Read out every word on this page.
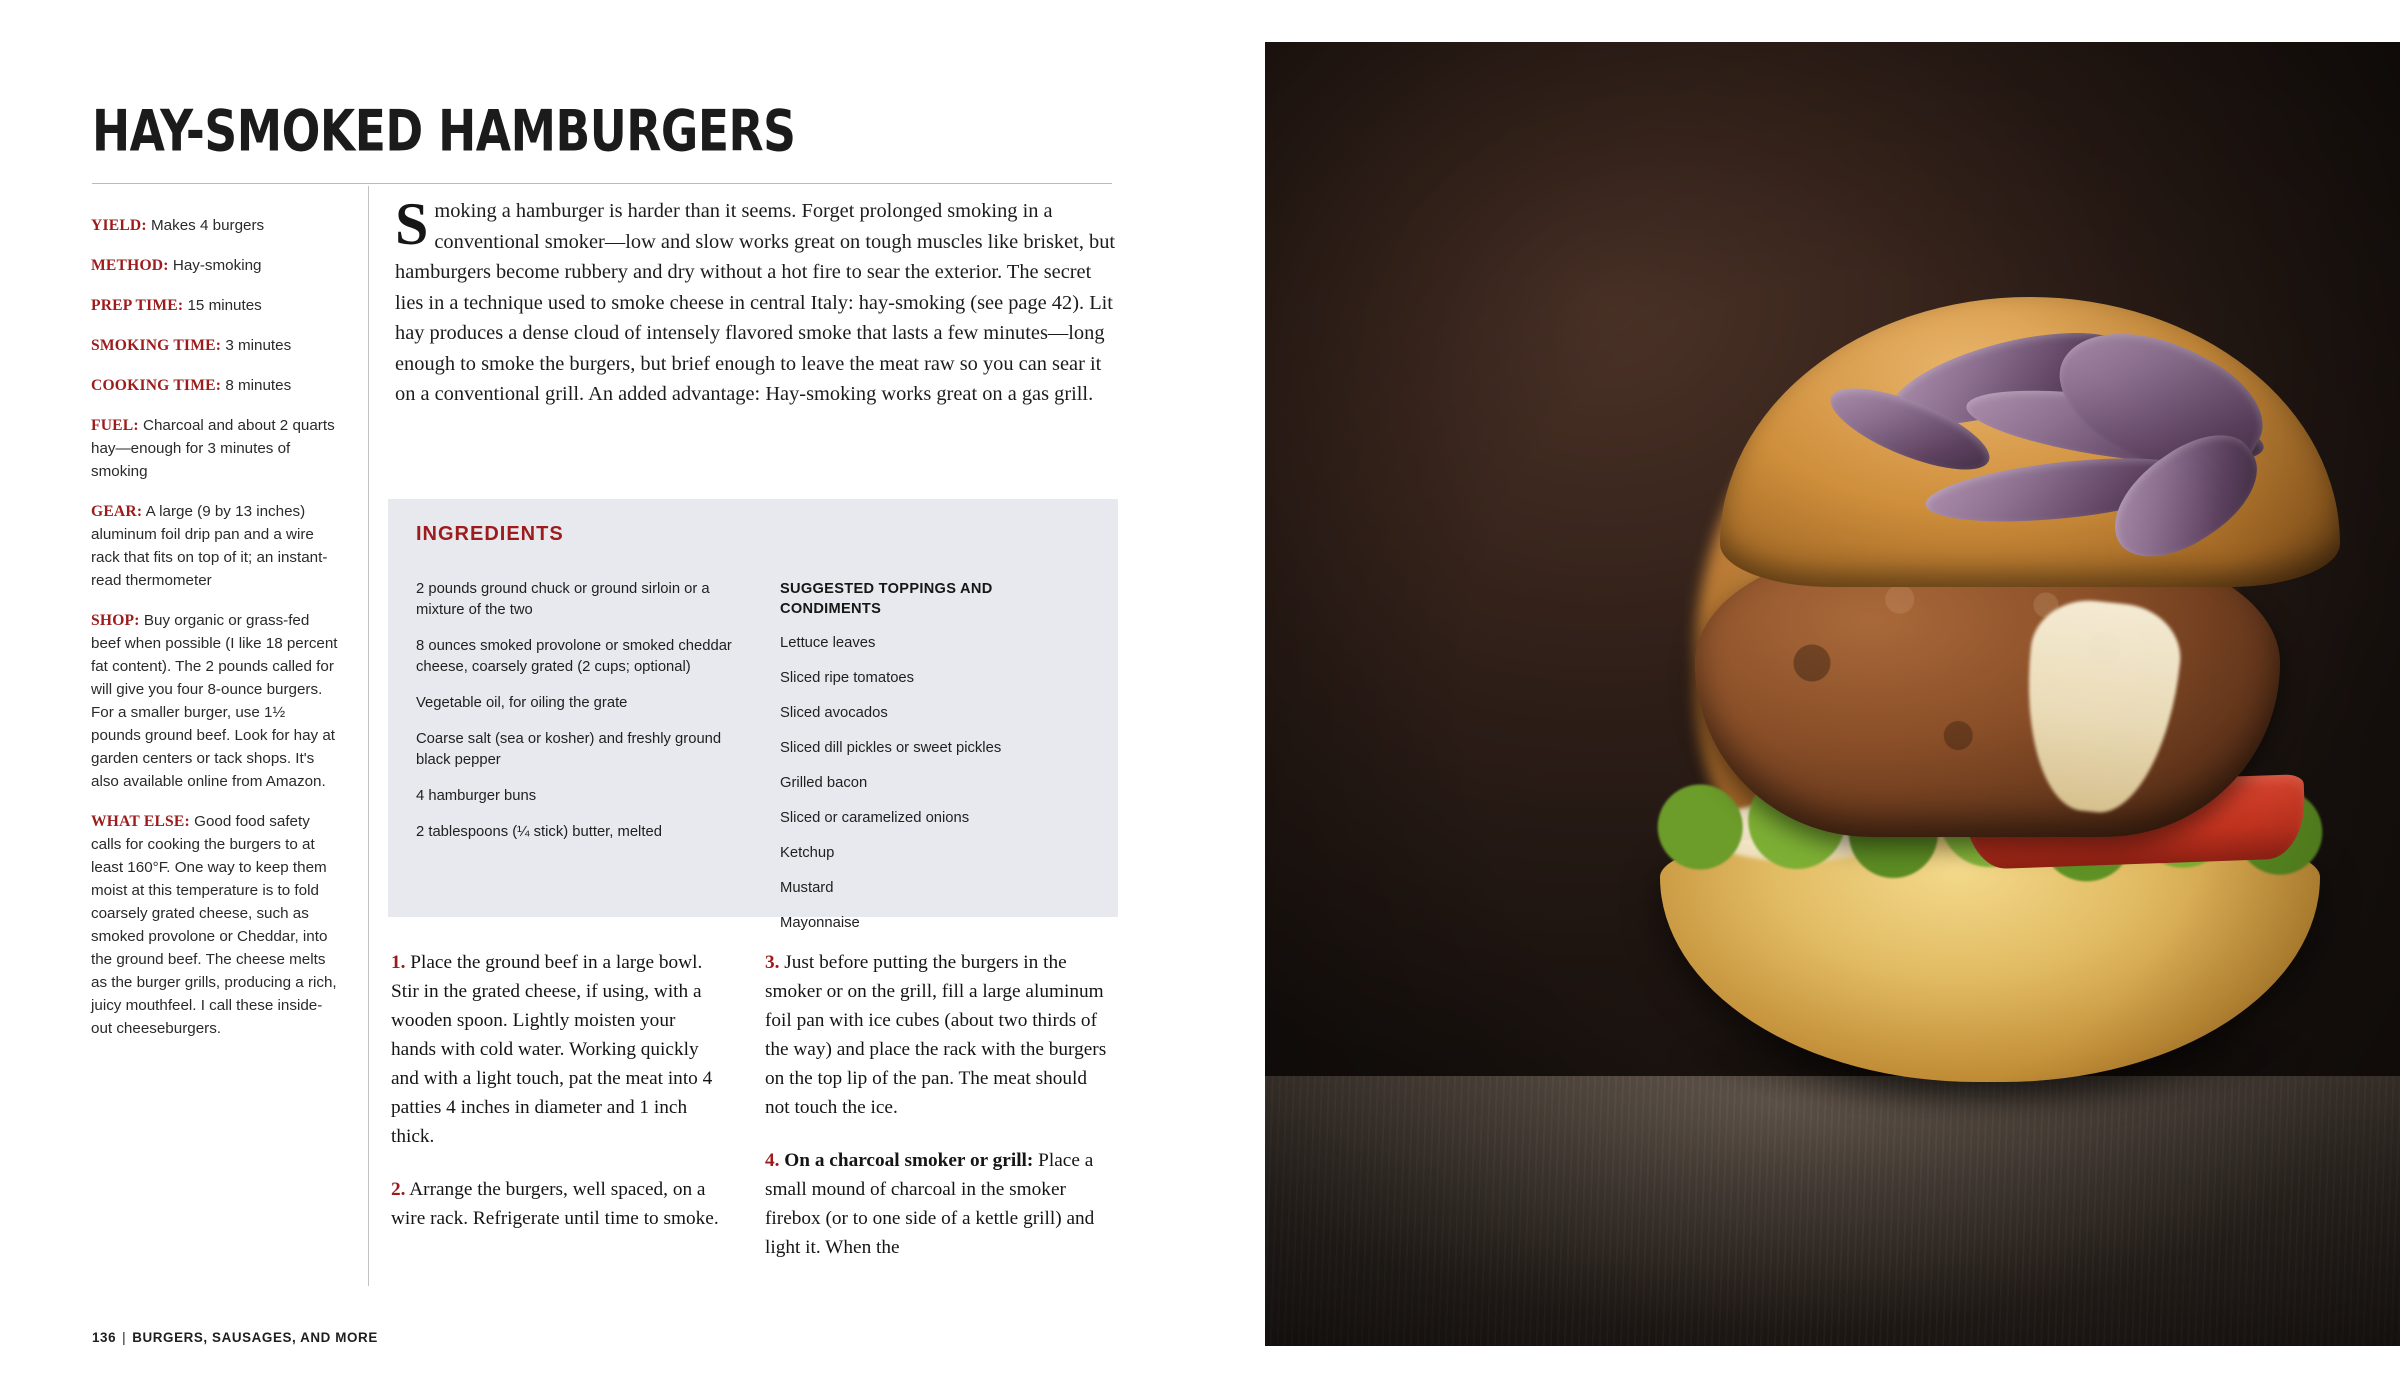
HAY-SMOKED HAMBURGERS
YIELD: Makes 4 burgers
METHOD: Hay-smoking
PREP TIME: 15 minutes
SMOKING TIME: 3 minutes
COOKING TIME: 8 minutes
FUEL: Charcoal and about 2 quarts hay—enough for 3 minutes of smoking
GEAR: A large (9 by 13 inches) aluminum foil drip pan and a wire rack that fits on top of it; an instant-read thermometer
SHOP: Buy organic or grass-fed beef when possible (I like 18 percent fat content). The 2 pounds called for will give you four 8-ounce burgers. For a smaller burger, use 1½ pounds ground beef. Look for hay at garden centers or tack shops. It's also available online from Amazon.
WHAT ELSE: Good food safety calls for cooking the burgers to at least 160°F. One way to keep them moist at this temperature is to fold coarsely grated cheese, such as smoked provolone or Cheddar, into the ground beef. The cheese melts as the burger grills, producing a rich, juicy mouthfeel. I call these inside-out cheeseburgers.
Smoking a hamburger is harder than it seems. Forget prolonged smoking in a conventional smoker—low and slow works great on tough muscles like brisket, but hamburgers become rubbery and dry without a hot fire to sear the exterior. The secret lies in a technique used to smoke cheese in central Italy: hay-smoking (see page 42). Lit hay produces a dense cloud of intensely flavored smoke that lasts a few minutes—long enough to smoke the burgers, but brief enough to leave the meat raw so you can sear it on a conventional grill. An added advantage: Hay-smoking works great on a gas grill.
INGREDIENTS
2 pounds ground chuck or ground sirloin or a mixture of the two
8 ounces smoked provolone or smoked cheddar cheese, coarsely grated (2 cups; optional)
Vegetable oil, for oiling the grate
Coarse salt (sea or kosher) and freshly ground black pepper
4 hamburger buns
2 tablespoons (¼ stick) butter, melted
SUGGESTED TOPPINGS AND CONDIMENTS
Lettuce leaves
Sliced ripe tomatoes
Sliced avocados
Sliced dill pickles or sweet pickles
Grilled bacon
Sliced or caramelized onions
Ketchup
Mustard
Mayonnaise
1. Place the ground beef in a large bowl. Stir in the grated cheese, if using, with a wooden spoon. Lightly moisten your hands with cold water. Working quickly and with a light touch, pat the meat into 4 patties 4 inches in diameter and 1 inch thick.
2. Arrange the burgers, well spaced, on a wire rack. Refrigerate until time to smoke.
3. Just before putting the burgers in the smoker or on the grill, fill a large aluminum foil pan with ice cubes (about two thirds of the way) and place the rack with the burgers on the top lip of the pan. The meat should not touch the ice.
4. On a charcoal smoker or grill: Place a small mound of charcoal in the smoker firebox (or to one side of a kettle grill) and light it. When the
136 | BURGERS, SAUSAGES, AND MORE
